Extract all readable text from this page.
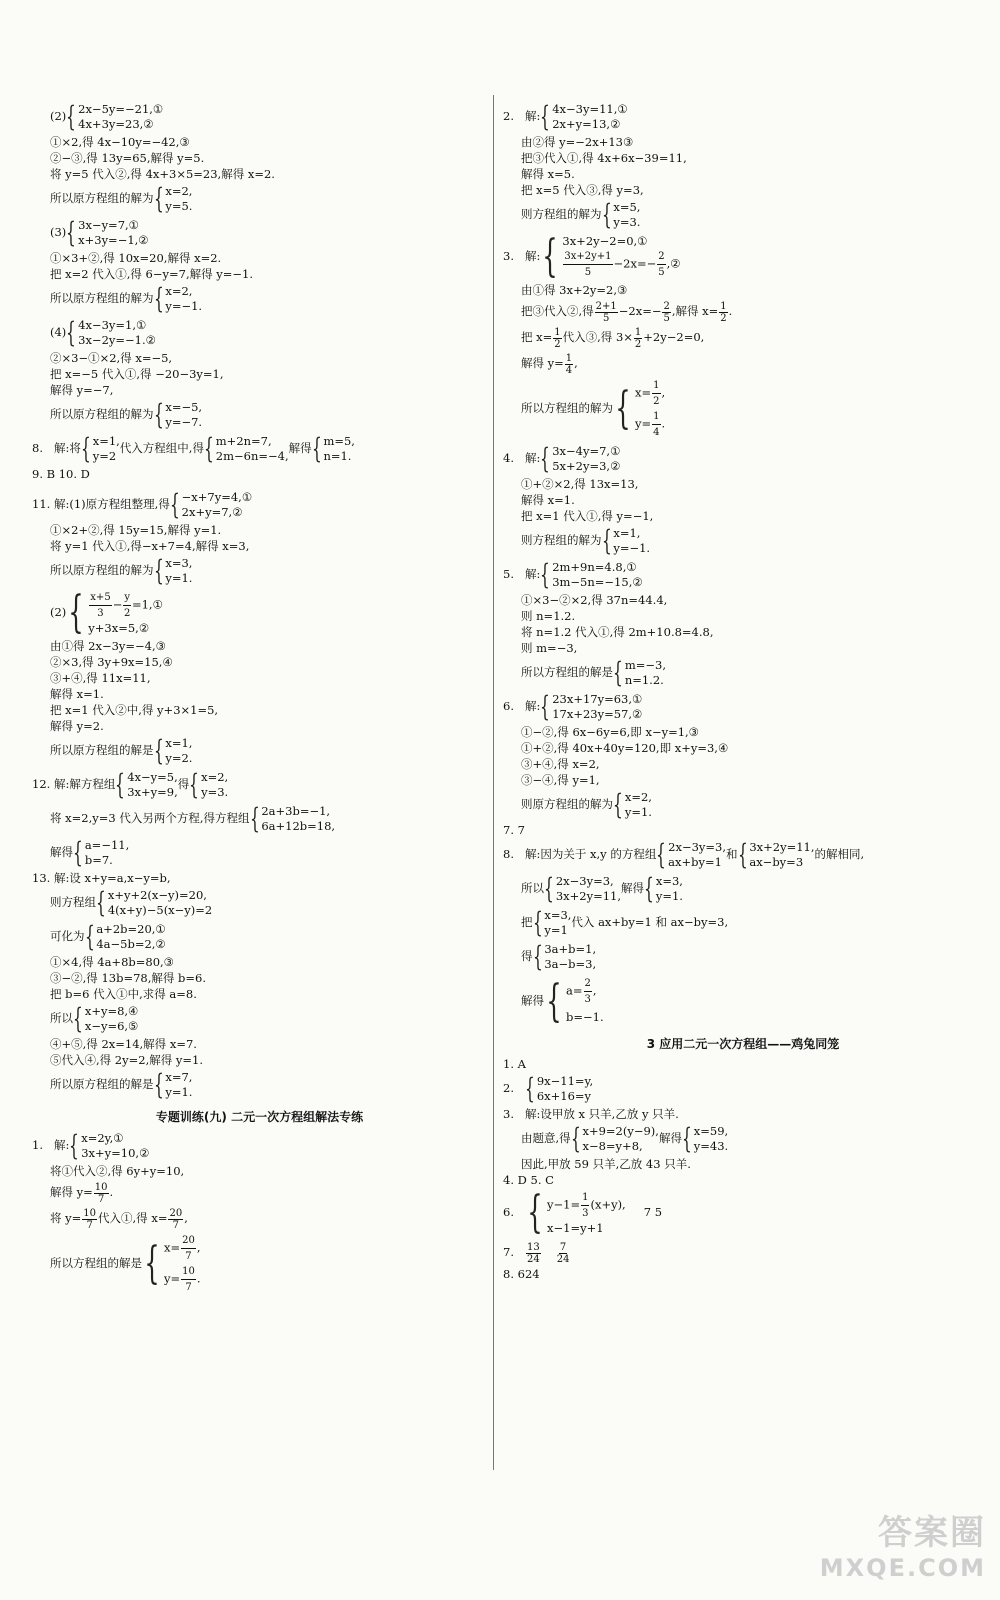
(2) { 2x−5y=−21,①
4x+3y=23,②
①×2,得 4x−10y=−42,③
②−③,得 13y=65,解得 y=5.
将 y=5 代入②,得 4x+3×5=23,解得 x=2.
所以原方程组的解为 { x=2,
y=5.
(3) { 3x−y=7,①
x+3y=−1,②
①×3+②,得 10x=20,解得 x=2.
把 x=2 代入①,得 6−y=7,解得 y=−1.
所以原方程组的解为 { x=2,
y=−1.
(4) { 4x−3y=1,①
3x−2y=−1.②
②×3−①×2,得 x=−5,
把 x=−5 代入①,得 −20−3y=1,
解得 y=−7,
所以原方程组的解为 { x=−5,
y=−7.
8. 解:将 { x=1,
y=2
代入方程组中,得 { m+2n=7,
2m−6n=−4,
解得 { m=5,
n=1.
9. B 10. D
11. 解:(1)原方程组整理,得 { −x+7y=4,①
2x+y=7,②
①×2+②,得 15y=15,解得 y=1.
将 y=1 代入①,得−x+7=4,解得 x=3,
所以原方程组的解为 { x=3,
y=1.
(2) { $\frac{x+5}{3} - \frac{y}{2}$ =1,①
y+3x=5,②
由①得 2x−3y=−4,③
②×3,得 3y+9x=15,④
③+④,得 11x=11,
解得 x=1.
把 x=1 代入②中,得 y+3×1=5,
解得 y=2.
所以原方程组的解是 { x=1,
y=2.
12. 解:解方程组 { 4x−y=5,
3x+y=9,
得 { x=2,
y=3.
将 x=2,y=3 代入另两个方程,得方程组 { 2a+3b=−1,
6a+12b=18,
解得 { a=−11,
b=7.
13. 解:设 x+y=a,x−y=b,
则方程组 { x+y+2(x−y)=20,
4(x+y)−5(x−y)=2
可化为 { a+2b=20,①
4a−5b=2,②
①×4,得 4a+8b=80,③
③−②,得 13b=78,解得 b=6.
把 b=6 代入①中,求得 a=8.
所以 { x+y=8,④
x−y=6,⑤
④+⑤,得 2x=14,解得 x=7.
⑤代入④,得 2y=2,解得 y=1.
所以原方程组的解是 { x=7,
y=1.
专题训练(九) 二元一次方程组解法专练
1. 解: { x=2y,①
3x+y=10,②
将①代入②,得 6y+y=10,
解得 $y= \frac{10}{7}$ .
将 $y= \frac{10}{7}$ 代入①,得 $x= \frac{20}{7}$ ,
所以方程组的解是 { $x= \frac{20}{7}$ ,
$y= \frac{10}{7}$ .
2. 解: { 4x−3y=11,①
2x+y=13,②
由②得 y=−2x+13③
把③代入①,得 4x+6x−39=11,
解得 x=5.
把 x=5 代入③,得 y=3,
则方程组的解为 { x=5,
y=3.
3. 解: { 3x+2y−2=0,①
$\frac{3x+2y+1}{5} -2x=- \frac{2}{5}$ ,②
由①得 3x+2y=2,③
把③代入②,得 $\frac{2+1}{5} -2x=- \frac{2}{5}$ ,解得 $x= \frac{1}{2}$ .
把 $x= \frac{1}{2}$ 代入③,得 $3\times \frac{1}{2} +2y-2=0$,
解得 $y= \frac{1}{4}$ ,
所以方程组的解为 { $x= \frac{1}{2}$ ,
$y= \frac{1}{4}$ .
4. 解: { 3x−4y=7,①
5x+2y=3,②
①+②×2,得 13x=13,
解得 x=1.
把 x=1 代入①,得 y=−1,
则方程组的解为 { x=1,
y=−1.
5. 解: { 2m+9n=4.8,①
3m−5n=−15,②
①×3−②×2,得 37n=44.4,
则 n=1.2.
将 n=1.2 代入①,得 2m+10.8=4.8,
则 m=−3,
所以方程组的解是 { m=−3,
n=1.2.
6. 解: { 23x+17y=63,①
17x+23y=57,②
①−②,得 6x−6y=6,即 x−y=1,③
①+②,得 40x+40y=120,即 x+y=3,④
③+④,得 x=2,
③−④,得 y=1,
则原方程组的解为 { x=2,
y=1.
7. 7
8. 解:因为关于 x,y 的方程组 { 2x−3y=3,
ax+by=1
和 { 3x+2y=11,
ax−by=3
的解相同,
所以 { 2x−3y=3,
3x+2y=11,
解得 { x=3,
y=1.
把 { x=3,
y=1
代入 ax+by=1 和 ax−by=3,
得 { 3a+b=1,
3a−b=3,
解得 { $a= \frac{2}{3}$ ,
b=−1.
3 应用二元一次方程组——鸡兔同笼
1. A
2. { 9x−11=y,
6x+16=y
3. 解:设甲放 x 只羊,乙放 y 只羊.
由题意,得 { x+9=2(y−9),
x−8=y+8,
解得 { x=59,
y=43.
因此,甲放 59 只羊,乙放 43 只羊.
4. D 5. C
6. { $y-1= \frac{1}{3} (x+y)$,
x−1=y+1
7 5
7. $\frac{13}{24} \frac{7}{24}$
8. 624
答案圈
MXQE.COM
